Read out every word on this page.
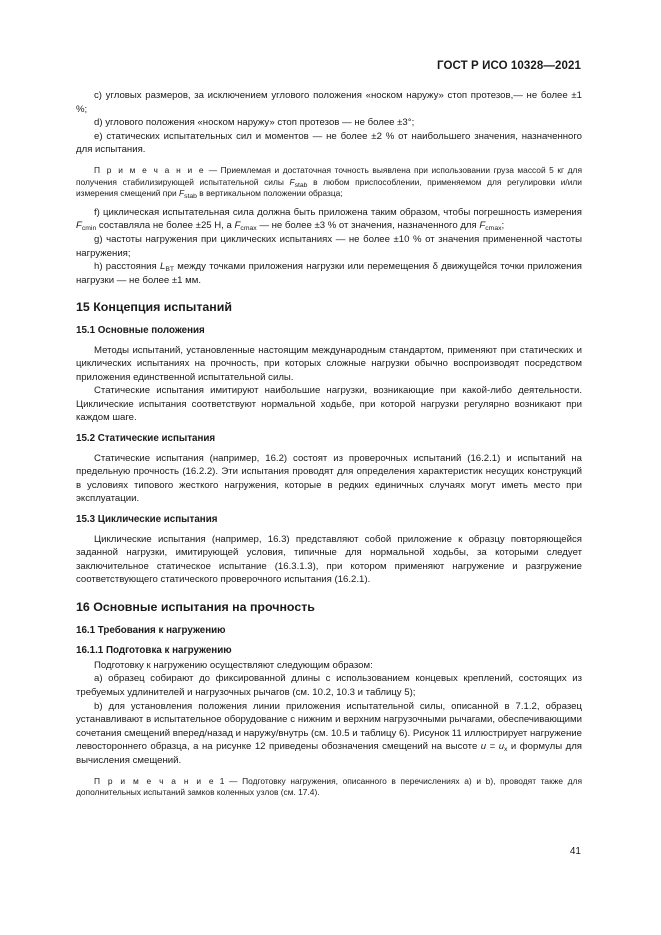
ГОСТ Р ИСО 10328—2021

c) угловых размеров, за исключением углового положения «носком наружу» стоп протезов,— не более ±1 %;

d) углового положения «носком наружу» стоп протезов — не более ±3°;

e) статических испытательных сил и моментов — не более ±2 % от наибольшего значения, назначенного для испытания.

П р и м е ч а н и е — Приемлемая и достаточная точность выявлена при использовании груза массой 5 кг для получения стабилизирующей испытательной силы $F_{stab}$ в любом приспособлении, применяемом для регулировки и/или измерения смещений при $F_{stab}$ в вертикальном положении образца;

f) циклическая испытательная сила должна быть приложена таким образом, чтобы погрешность измерения $F_{cmin}$ составляла не более ±25 Н, а $F_{cmax}$ — не более ±3 % от значения, назначенного для $F_{cmax}$;

g) частоты нагружения при циклических испытаниях — не более ±10 % от значения примененной частоты нагружения;

h) расстояния $L_{BT}$ между точками приложения нагрузки или перемещения δ движущейся точки приложения нагрузки — не более ±1 мм.

15 Концепция испытаний
15.1 Основные положения

Методы испытаний, установленные настоящим международным стандартом, применяют при статических и циклических испытаниях на прочность, при которых сложные нагрузки обычно воспроизводят посредством приложения единственной испытательной силы.

Статические испытания имитируют наибольшие нагрузки, возникающие при какой-либо деятельности. Циклические испытания соответствуют нормальной ходьбе, при которой нагрузки регулярно возникают при каждом шаге.

15.2 Статические испытания

Статические испытания (например, 16.2) состоят из проверочных испытаний (16.2.1) и испытаний на предельную прочность (16.2.2). Эти испытания проводят для определения характеристик несущих конструкций в условиях типового жесткого нагружения, которые в редких единичных случаях могут иметь место при эксплуатации.

15.3 Циклические испытания

Циклические испытания (например, 16.3) представляют собой приложение к образцу повторяющейся заданной нагрузки, имитирующей условия, типичные для нормальной ходьбы, за которыми следует заключительное статическое испытание (16.3.1.3), при котором применяют нагружение и разгружение соответствующего статического проверочного испытания (16.2.1).

16 Основные испытания на прочность
16.1 Требования к нагружению
16.1.1 Подготовка к нагружению

Подготовку к нагружению осуществляют следующим образом:

a) образец собирают до фиксированной длины с использованием концевых креплений, состоящих из требуемых удлинителей и нагрузочных рычагов (см. 10.2, 10.3 и таблицу 5);

b) для установления положения линии приложения испытательной силы, описанной в 7.1.2, образец устанавливают в испытательное оборудование с нижним и верхним нагрузочными рычагами, обеспечивающими сочетания смещений вперед/назад и наружу/внутрь (см. 10.5 и таблицу 6). Рисунок 11 иллюстрирует нагружение левостороннего образца, а на рисунке 12 приведены обозначения смещений на высоте $u = u_x$ и формулы для вычисления смещений.

П р и м е ч а н и е 1 — Подготовку нагружения, описанного в перечислениях a) и b), проводят также для дополнительных испытаний замков коленных узлов (см. 17.4).

41
